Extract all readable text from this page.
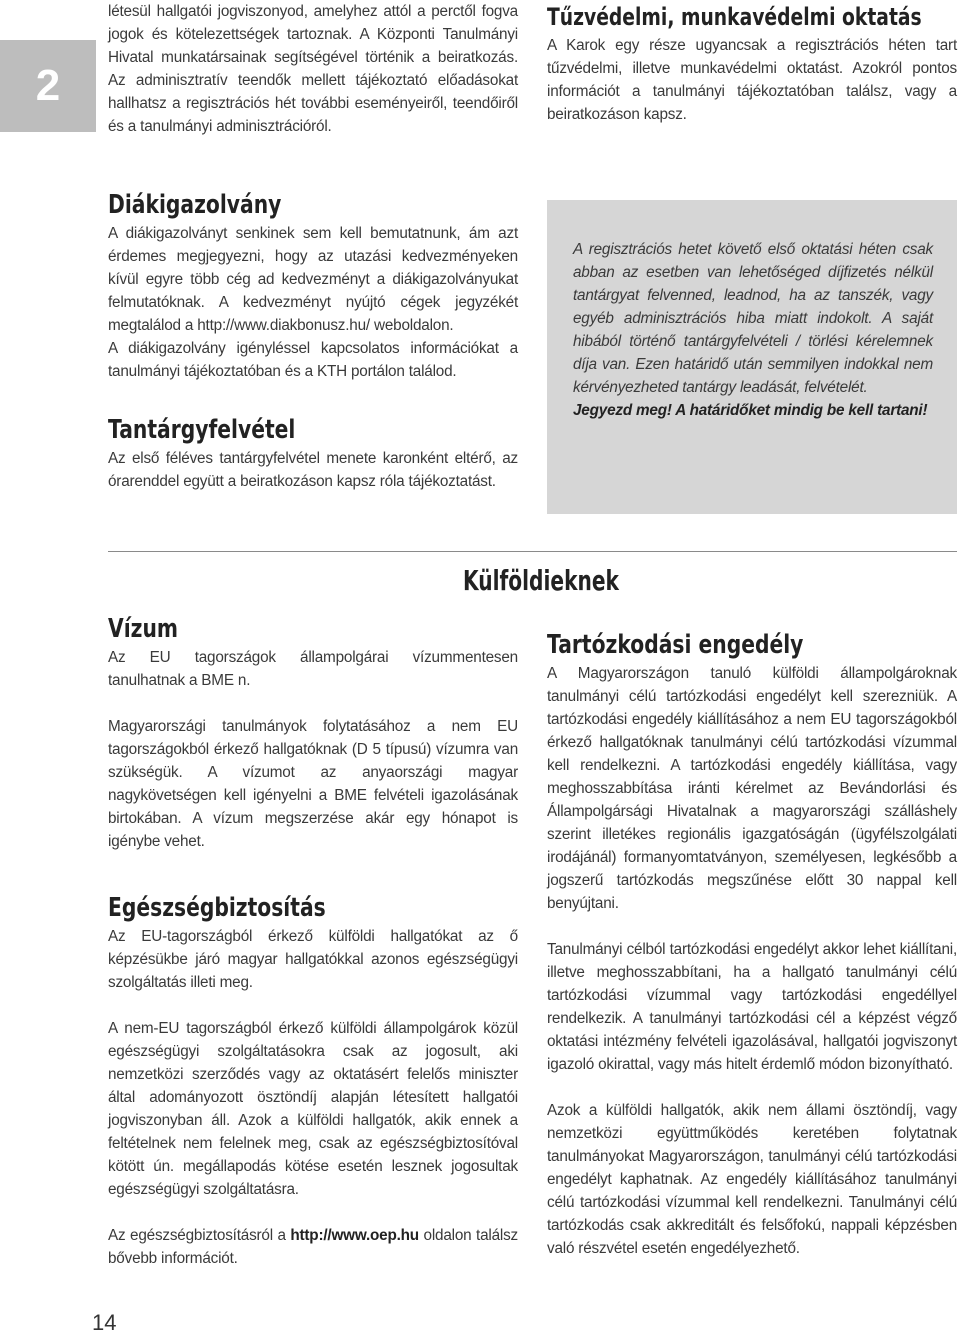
2

létesül hallgatói jogviszonyod, amelyhez attól a perctől fogva jogok és kötelezettségek tartoznak. A Központi Tanulmányi Hivatal munkatársainak segítségével történik a beiratkozás. Az adminisztratív teendők mellett tájékoztató előadásokat hallhatsz a regisztrációs hét további eseményeiről, teendőiről és a tanulmányi adminisztrációról.

Tűzvédelmi, munkavédelmi oktatás

A Karok egy része ugyancsak a regisztrációs héten tart tűzvédelmi, illetve munkavédelmi oktatást. Azokról pontos információt a tanulmányi tájékoztatóban találsz, vagy a beiratkozáson kapsz.

Diákigazolvány

A diákigazolványt senkinek sem kell bemutatnunk, ám azt érdemes megjegyezni, hogy az utazási kedvezményeken kívül egyre több cég ad kedvezményt a diákigazolványukat felmutatóknak. A kedvezményt nyújtó cégek jegyzékét megtalálod a http://www.diakbonusz.hu/ weboldalon.

A diákigazolvány igényléssel kapcsolatos információkat a tanulmányi tájékoztatóban és a KTH portálon találod.

Tantárgyfelvétel

Az első féléves tantárgyfelvétel menete karonként eltérő, az órarenddel együtt a beiratkozáson kapsz róla tájékoztatást.

A regisztrációs hetet követő első oktatási héten csak abban az esetben van lehetőséged díjfizetés nélkül tantárgyat felvenned, leadnod, ha az tanszék, vagy egyéb adminisztrációs hiba miatt indokolt. A saját hibából történő tantárgyfelvételi / törlési kérelemnek díja van. Ezen határidő után semmilyen indokkal nem kérvényezheted tantárgy leadását, felvételét.

Jegyezd meg! A határidőket mindig be kell tartani!

Külföldieknek
Vízum

Az EU tagországok állampolgárai vízummentesen tanulhatnak a BME n.

Magyarországi tanulmányok folytatásához a nem EU tagországokból érkező hallgatóknak (D 5 típusú) vízumra van szükségük. A vízumot az anyaországi magyar nagykövetségen kell igényelni a BME felvételi igazolásának birtokában. A vízum megszerzése akár egy hónapot is igénybe vehet.

Egészségbiztosítás

Az EU-tagországból érkező külföldi hallgatókat az ő képzésükbe járó magyar hallgatókkal azonos egészségügyi szolgáltatás illeti meg.

A nem-EU tagországból érkező külföldi állampolgárok közül egészségügyi szolgáltatásokra csak az jogosult, aki nemzetközi szerződés vagy az oktatásért felelős miniszter által adományozott ösztöndíj alapján létesített hallgatói jogviszonyban áll. Azok a külföldi hallgatók, akik ennek a feltételnek nem felelnek meg, csak az egészségbiztosítóval kötött ún. megállapodás kötése esetén lesznek jogosultak egészségügyi szolgáltatásra.

Az egészségbiztosításról a http://www.oep.hu oldalon találsz bővebb információt.

Tartózkodási engedély

A Magyarországon tanuló külföldi állampolgároknak tanulmányi célú tartózkodási engedélyt kell szerezniük. A tartózkodási engedély kiállításához a nem EU tagországokból érkező hallgatóknak tanulmányi célú tartózkodási vízummal kell rendelkezni. A tartózkodási engedély kiállítása, vagy meghosszabbítása iránti kérelmet az Bevándorlási és Állampolgársági Hivatalnak a magyarországi szálláshely szerint illetékes regionális igazgatóságán (ügyfélszolgálati irodájánál) formanyomtatványon, személyesen, legkésőbb a jogszerű tartózkodás megszűnése előtt 30 nappal kell benyújtani.

Tanulmányi célból tartózkodási engedélyt akkor lehet kiállítani, illetve meghosszabbítani, ha a hallgató tanulmányi célú tartózkodási vízummal vagy tartózkodási engedéllyel rendelkezik. A tanulmányi tartózkodási cél a képzést végző oktatási intézmény felvételi igazolásával, hallgatói jogviszonyt igazoló okirattal, vagy más hitelt érdemlő módon bizonyítható.

Azok a külföldi hallgatók, akik nem állami ösztöndíj, vagy nemzetközi együttműködés keretében folytatnak tanulmányokat Magyarországon, tanulmányi célú tartózkodási engedélyt kaphatnak. Az engedély kiállításához tanulmányi célú tartózkodási vízummal kell rendelkezni. Tanulmányi célú tartózkodás csak akkreditált és felsőfokú, nappali képzésben való részvétel esetén engedélyezhető.

14
